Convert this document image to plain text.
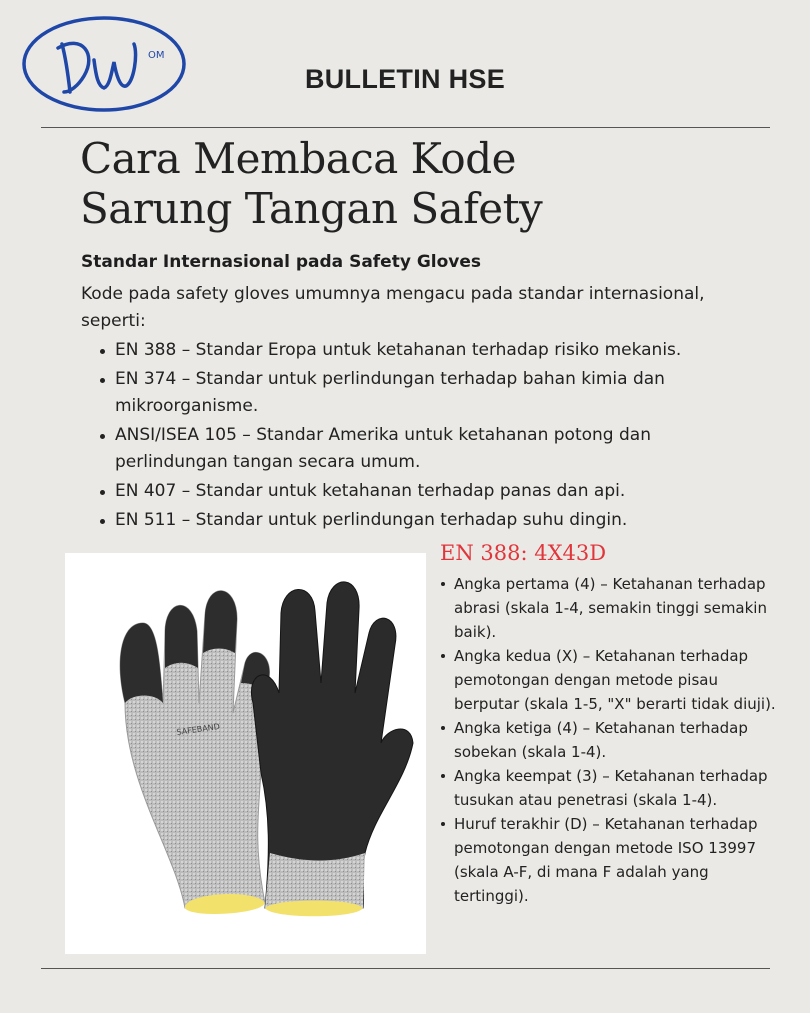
OM
BULLETIN HSE
Cara Membaca Kode
Sarung Tangan Safety
Standar Internasional pada Safety Gloves

Kode pada safety gloves umumnya mengacu pada standar internasional, seperti:

EN 388 – Standar Eropa untuk ketahanan terhadap risiko mekanis.
EN 374 – Standar untuk perlindungan terhadap bahan kimia dan mikroorganisme.
ANSI/ISEA 105 – Standar Amerika untuk ketahanan potong dan perlindungan tangan secara umum.
EN 407 – Standar untuk ketahanan terhadap panas dan api.
EN 511 – Standar untuk perlindungan terhadap suhu dingin.
SAFEBAND
EN 388: 4X43D
Angka pertama (4) – Ketahanan terhadap abrasi (skala 1-4, semakin tinggi semakin baik).
Angka kedua (X) – Ketahanan terhadap pemotongan dengan metode pisau berputar (skala 1-5, "X" berarti tidak diuji).
Angka ketiga (4) – Ketahanan terhadap sobekan (skala 1-4).
Angka keempat (3) – Ketahanan terhadap tusukan atau penetrasi (skala 1-4).
Huruf terakhir (D) – Ketahanan terhadap pemotongan dengan metode ISO 13997 (skala A-F, di mana F adalah yang tertinggi).
